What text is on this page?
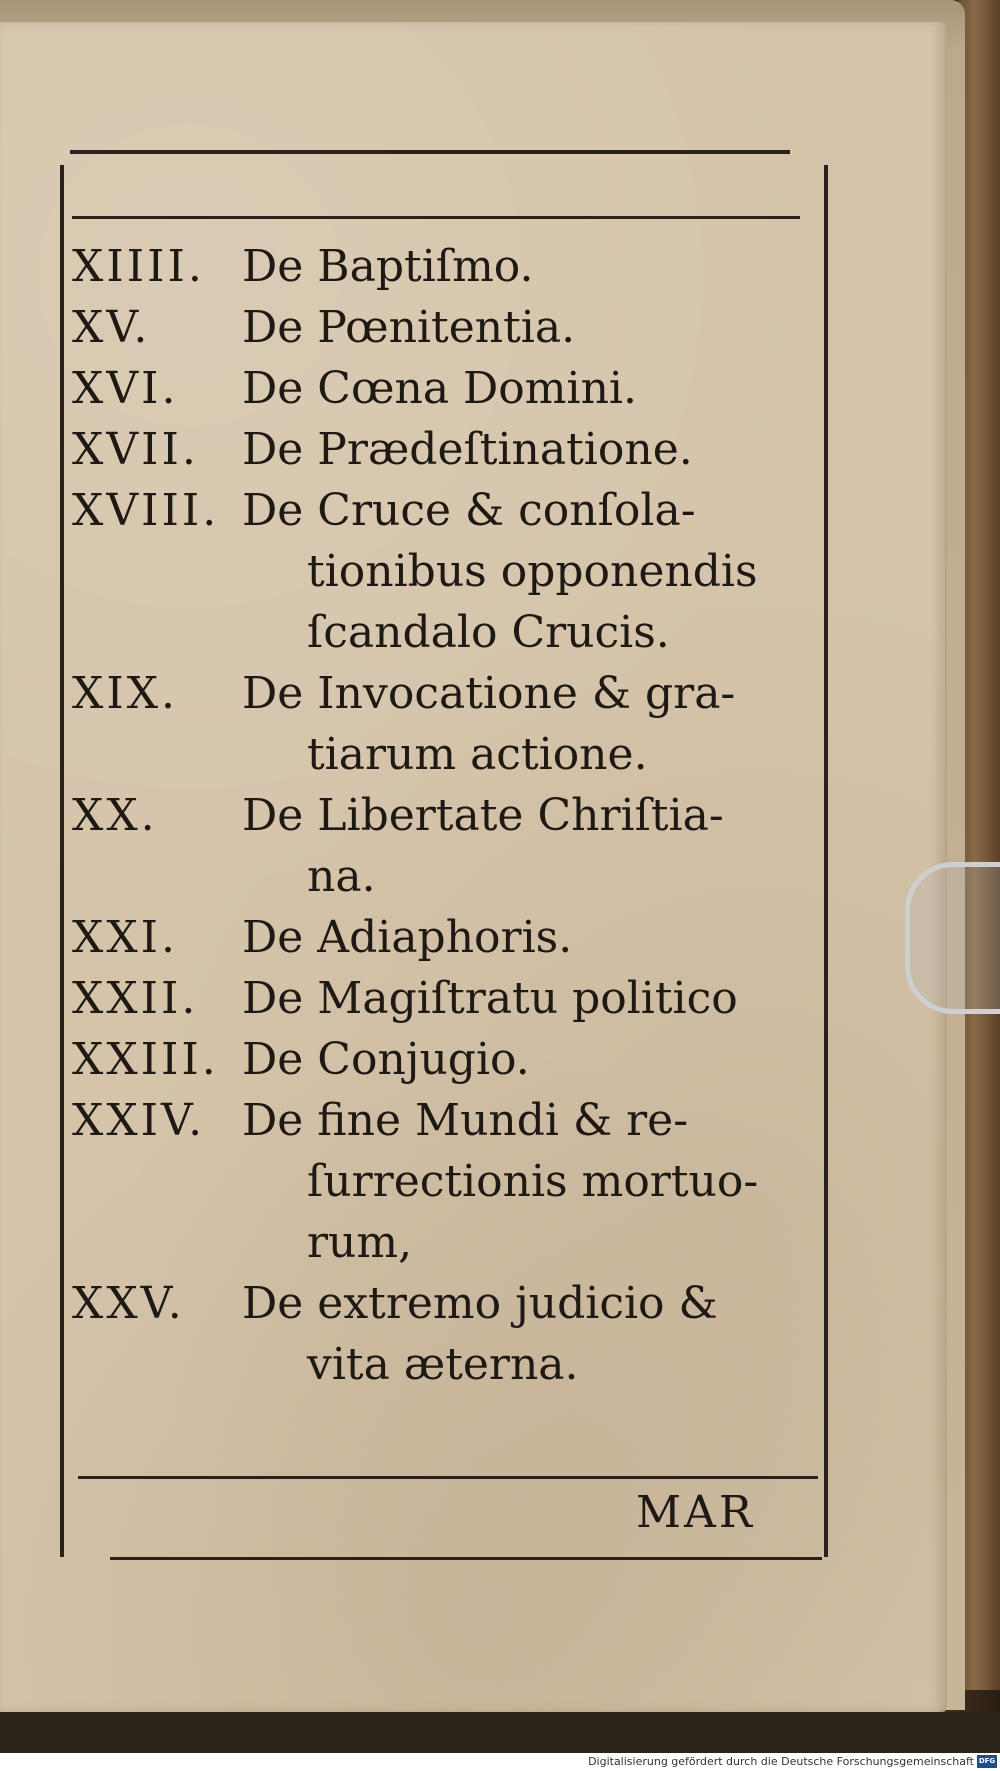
XIIII. De Baptiſmo.
XV. De Pœnitentia.
XVI. De Cœna Domini.
XVII. De Prædeſtinatione.
XVIII. De Cruce & conſola-
tionibus opponendis
ſcandalo Crucis.
XIX. De Invocatione & gra-
tiarum actione.
XX. De Libertate Chriſtia-
na.
XXI. De Adiaphoris.
XXII. De Magiſtratu politico
XXIII. De Conjugio.
XXIV. De fine Mundi & re-
ſurrectionis mortuo-
rum,
XXV. De extremo judicio &
vita æterna.
MAR
Digitalisierung gefördert durch die Deutsche Forschungsgemeinschaft DFG
